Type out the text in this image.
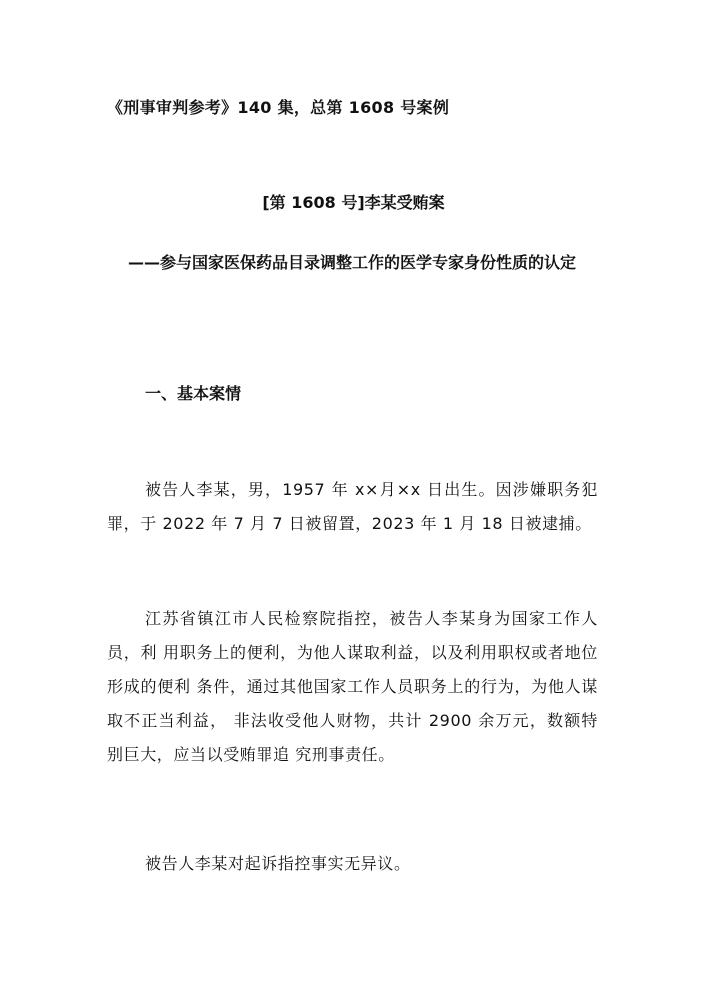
《刑事审判参考》140 集，总第 1608 号案例
[第 1608 号]李某受贿案
——参与国家医保药品目录调整工作的医学专家身份性质的认定
一、基本案情
被告人李某，男，1957 年 x×月×x 日出生。因涉嫌职务犯罪，于 2022 年 7 月 7 日被留置，2023 年 1 月 18 日被逮捕。
江苏省镇江市人民检察院指控，被告人李某身为国家工作人员，利 用职务上的便利，为他人谋取利益，以及利用职权或者地位形成的便利 条件，通过其他国家工作人员职务上的行为，为他人谋取不正当利益， 非法收受他人财物，共计 2900 余万元，数额特别巨大，应当以受贿罪追 究刑事责任。
被告人李某对起诉指控事实无异议。
